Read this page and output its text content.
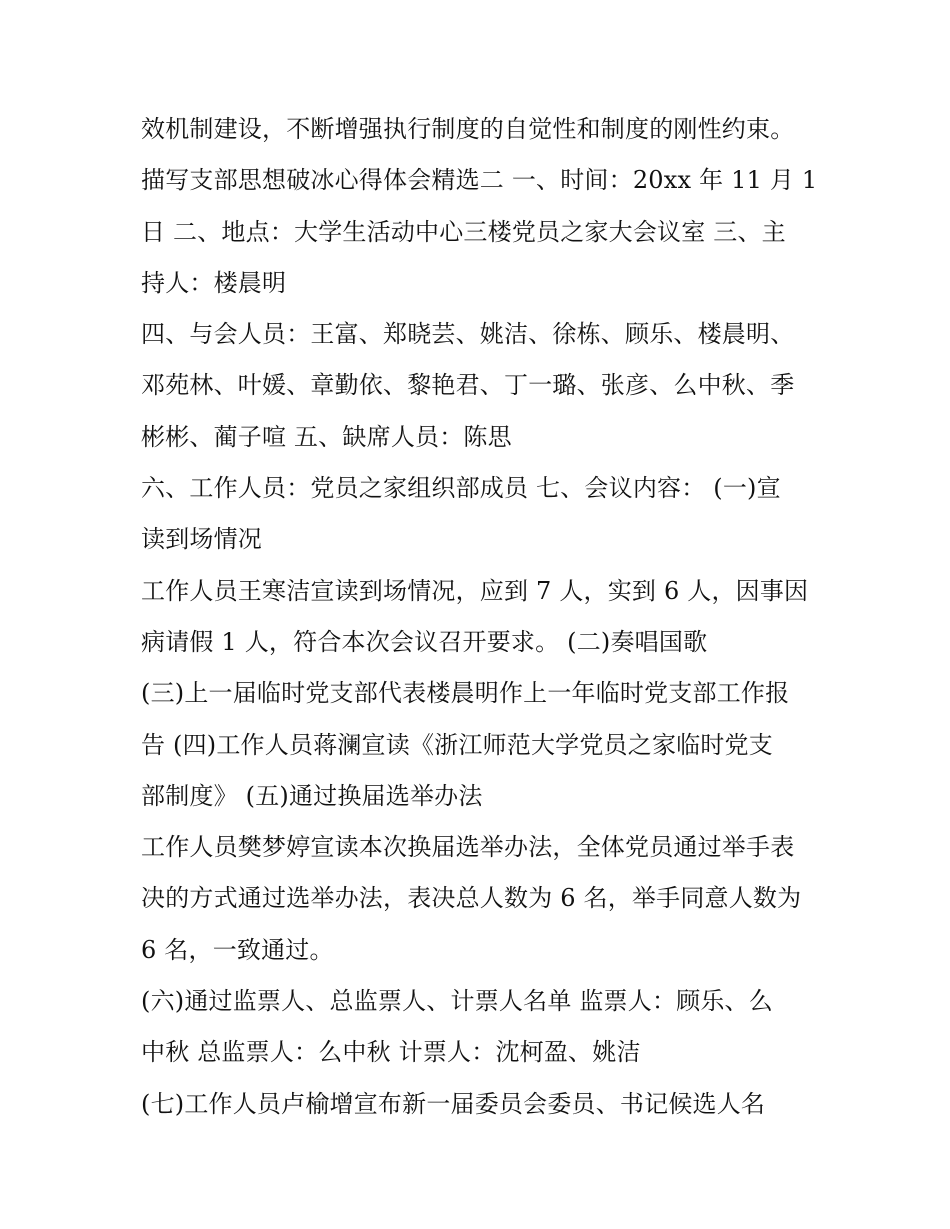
效机制建设，不断增强执行制度的自觉性和制度的刚性约束。
描写支部思想破冰心得体会精选二 一、时间：20xx 年 11 月 1
日 二、地点：大学生活动中心三楼党员之家大会议室 三、主
持人：楼晨明
四、与会人员：王富、郑晓芸、姚洁、徐栋、顾乐、楼晨明、
邓苑林、叶媛、章勤依、黎艳君、丁一璐、张彦、么中秋、季
彬彬、蔺子喧 五、缺席人员：陈思
六、工作人员：党员之家组织部成员 七、会议内容： (一)宣
读到场情况
工作人员王寒洁宣读到场情况，应到 7 人，实到 6 人，因事因
病请假 1 人，符合本次会议召开要求。 (二)奏唱国歌
(三)上一届临时党支部代表楼晨明作上一年临时党支部工作报
告 (四)工作人员蒋澜宣读《浙江师范大学党员之家临时党支
部制度》 (五)通过换届选举办法
工作人员樊梦婷宣读本次换届选举办法，全体党员通过举手表
决的方式通过选举办法，表决总人数为 6 名，举手同意人数为
6 名，一致通过。
(六)通过监票人、总监票人、计票人名单 监票人：顾乐、么
中秋 总监票人：么中秋 计票人：沈柯盈、姚洁
(七)工作人员卢榆增宣布新一届委员会委员、书记候选人名
